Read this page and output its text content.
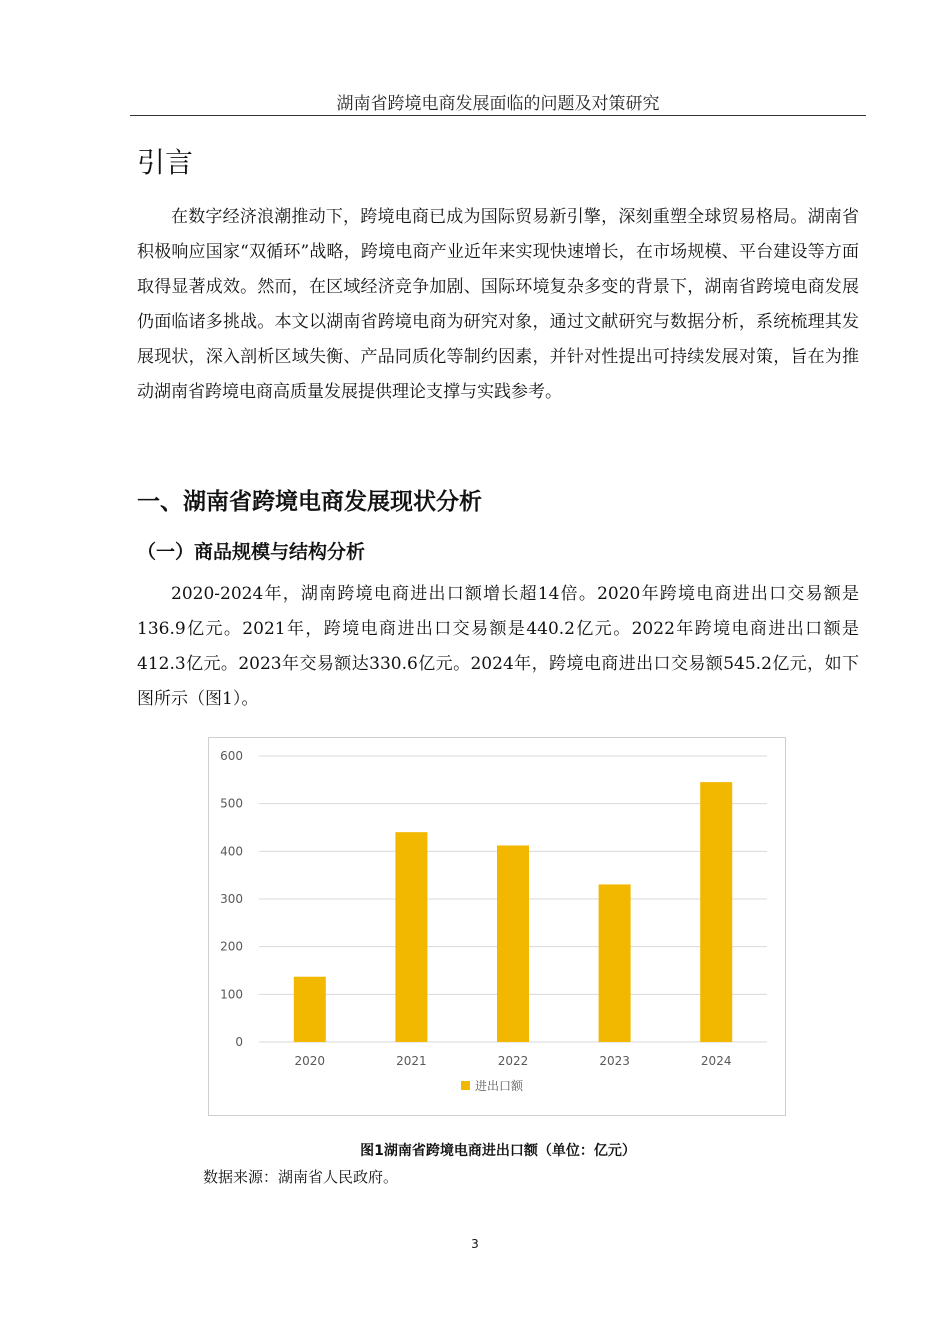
湖南省跨境电商发展面临的问题及对策研究
引言

在数字经济浪潮推动下，跨境电商已成为国际贸易新引擎，深刻重塑全球贸易格局。湖南省积极响应国家“双循环”战略，跨境电商产业近年来实现快速增长，在市场规模、平台建设等方面取得显著成效。然而，在区域经济竞争加剧、国际环境复杂多变的背景下，湖南省跨境电商发展仍面临诸多挑战。本文以湖南省跨境电商为研究对象，通过文献研究与数据分析，系统梳理其发展现状，深入剖析区域失衡、产品同质化等制约因素，并针对性提出可持续发展对策，旨在为推动湖南省跨境电商高质量发展提供理论支撑与实践参考。

一、湖南省跨境电商发展现状分析
（一）商品规模与结构分析

2020-2024年，湖南跨境电商进出口额增长超14倍。2020年跨境电商进出口交易额是136.9亿元。2021年，跨境电商进出口交易额是440.2亿元。2022年跨境电商进出口额是412.3亿元。2023年交易额达330.6亿元。2024年，跨境电商进出口交易额545.2亿元，如下图所示（图1）。

0
100
200
300
400
500
600
2020	2021	2022	2023	2024
进出口额
图1湖南省跨境电商进出口额（单位：亿元）
数据来源：湖南省人民政府。
3
